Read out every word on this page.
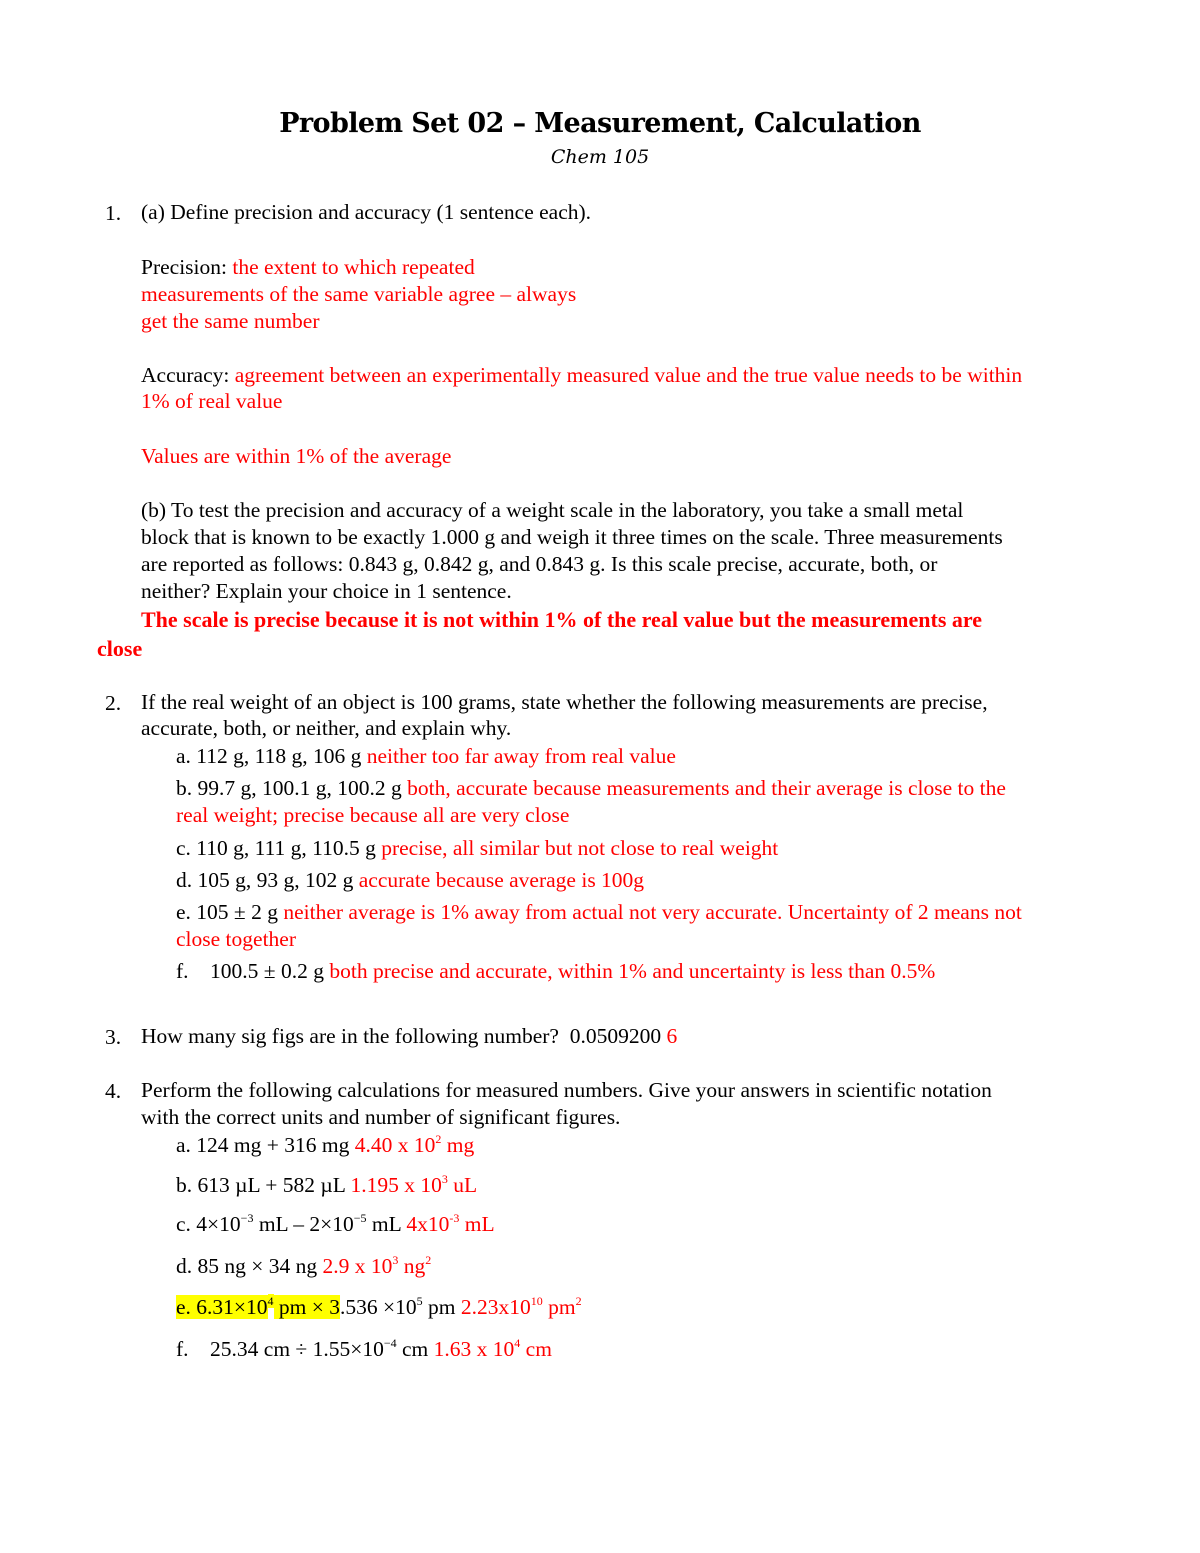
Problem Set 02 – Measurement, Calculation
Chem 105
1.
2.
3.
4.
(a) Define precision and accuracy (1 sentence each).
Precision: the extent to which repeated
measurements of the same variable agree – always
get the same number
Accuracy: agreement between an experimentally measured value and the true value needs to be within
1% of real value
Values are within 1% of the average
(b) To test the precision and accuracy of a weight scale in the laboratory, you take a small metal
block that is known to be exactly 1.000 g and weigh it three times on the scale. Three measurements
are reported as follows: 0.843 g, 0.842 g, and 0.843 g. Is this scale precise, accurate, both, or
neither? Explain your choice in 1 sentence.
The scale is precise because it is not within 1% of the real value but the measurements are
close
If the real weight of an object is 100 grams, state whether the following measurements are precise,
accurate, both, or neither, and explain why.
a. 112 g, 118 g, 106 g neither too far away from real value
b. 99.7 g, 100.1 g, 100.2 g both, accurate because measurements and their average is close to the
real weight; precise because all are very close
c. 110 g, 111 g, 110.5 g precise, all similar but not close to real weight
d. 105 g, 93 g, 102 g accurate because average is 100g
e. 105 ± 2 g neither average is 1% away from actual not very accurate. Uncertainty of 2 means not
close together
f.    100.5 ± 0.2 g both precise and accurate, within 1% and uncertainty is less than 0.5%
How many sig figs are in the following number?  0.0509200 6
Perform the following calculations for measured numbers. Give your answers in scientific notation
with the correct units and number of significant figures.
a. 124 mg + 316 mg 4.40 x $10^2$ mg
b. 613 µL + 582 µL 1.195 x $10^3$ uL
c. $4\times 10^{-3}$ mL – $2\times 10^{-5}$ mL $4x10^{-3}$ mL
d. 85 ng × 34 ng 2.9 x $10^3$ $ng^2$
e. $6.31\times 10^4$ pm × $3.536 \times 10^5$ pm $2.23x10^{10}$ $pm^2$
f.    25.34 cm ÷ $1.55\times 10^{-4}$ cm 1.63 x $10^4$ cm
